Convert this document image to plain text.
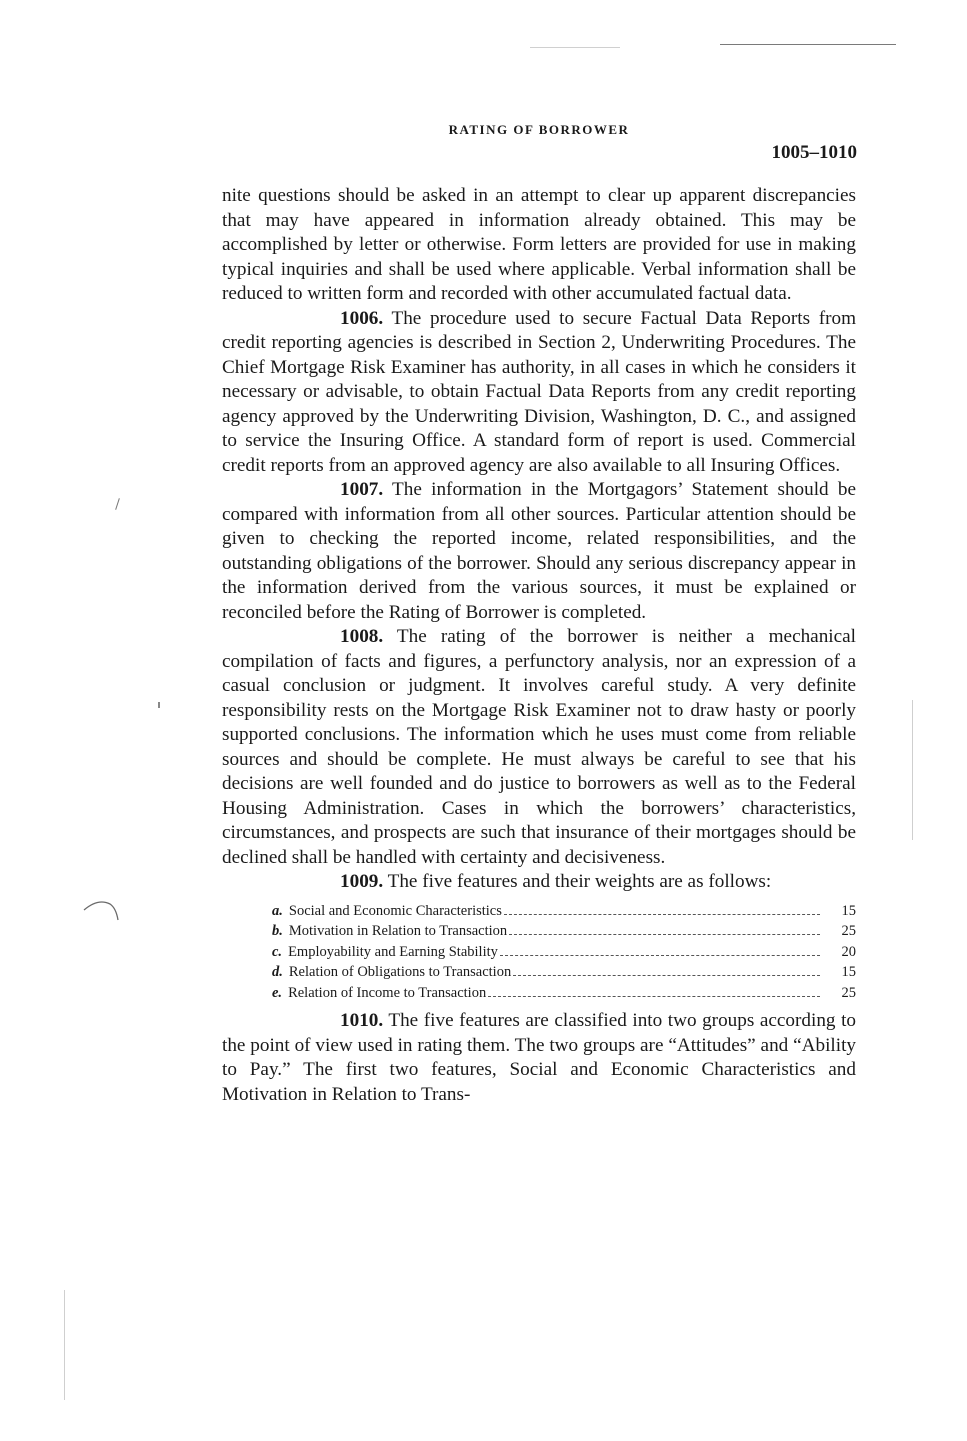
RATING OF BORROWER
1005–1010

nite questions should be asked in an attempt to clear up apparent discrepancies that may have appeared in information already obtained. This may be accomplished by letter or otherwise. Form letters are provided for use in making typical inquiries and shall be used where applicable. Verbal information shall be reduced to written form and recorded with other accumulated factual data.

1006. The procedure used to secure Factual Data Reports from credit reporting agencies is described in Section 2, Underwriting Procedures. The Chief Mortgage Risk Examiner has authority, in all cases in which he considers it necessary or advisable, to obtain Factual Data Reports from any credit reporting agency approved by the Underwriting Division, Washington, D. C., and assigned to service the Insuring Office. A standard form of report is used. Commercial credit reports from an approved agency are also available to all Insuring Offices.

1007. The information in the Mortgagors’ Statement should be compared with information from all other sources. Particular attention should be given to checking the reported income, related responsibilities, and the outstanding obligations of the borrower. Should any serious discrepancy appear in the information derived from the various sources, it must be explained or reconciled before the Rating of Borrower is completed.

1008. The rating of the borrower is neither a mechanical compilation of facts and figures, a perfunctory analysis, nor an expression of a casual conclusion or judgment. It involves careful study. A very definite responsibility rests on the Mortgage Risk Examiner not to draw hasty or poorly supported conclusions. The information which he uses must come from reliable sources and should be complete. He must always be careful to see that his decisions are well founded and do justice to borrowers as well as to the Federal Housing Administration. Cases in which the borrowers’ characteristics, circumstances, and prospects are such that insurance of their mortgages should be declined shall be handled with certainty and decisiveness.

1009. The five features and their weights are as follows:

a. Social and Economic Characteristics	15
b. Motivation in Relation to Transaction	25
c. Employability and Earning Stability	20
d. Relation of Obligations to Transaction	15
e. Relation of Income to Transaction	25

1010. The five features are classified into two groups according to the point of view used in rating them. The two groups are “Attitudes” and “Ability to Pay.” The first two features, Social and Economic Characteristics and Motivation in Relation to Trans-
